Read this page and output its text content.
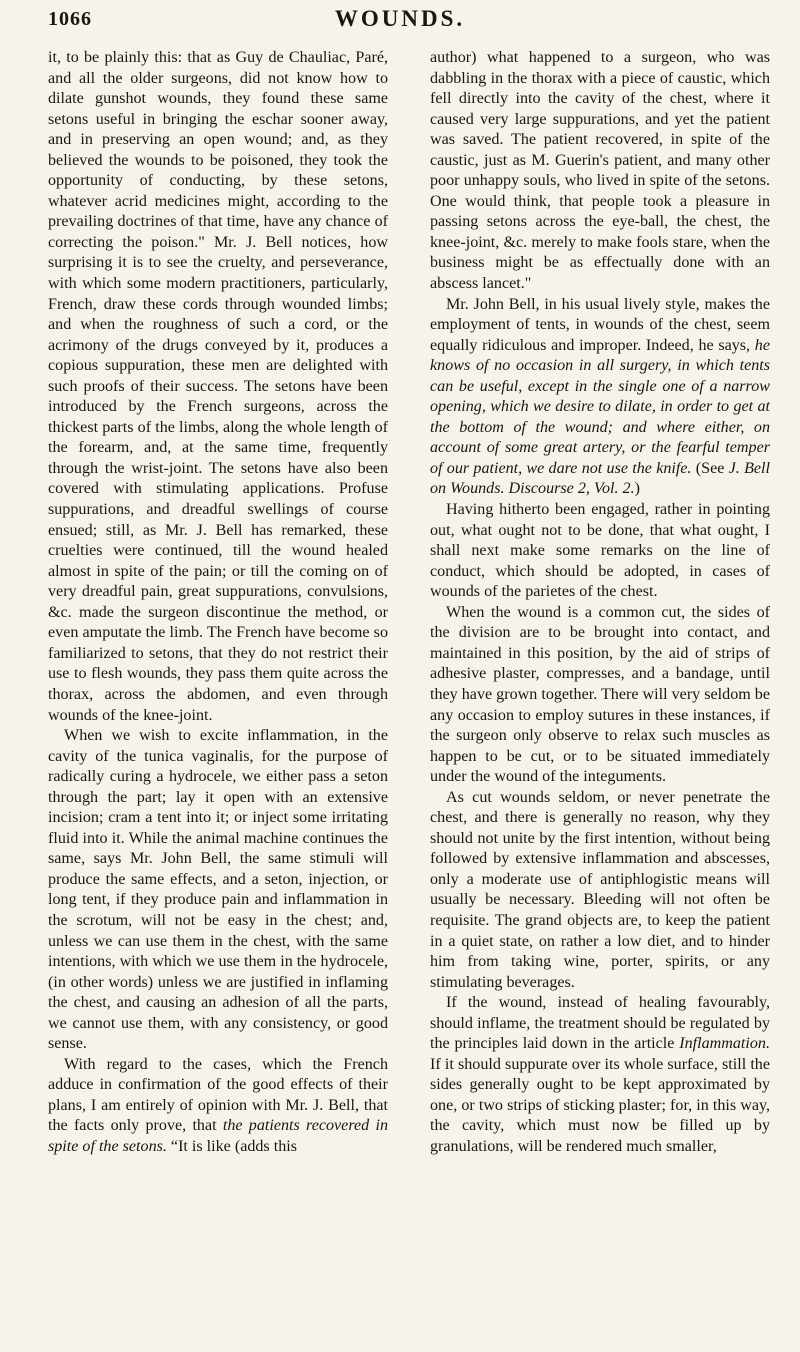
1066	WOUNDS.

it, to be plainly this: that as Guy de Chauliac, Paré, and all the older surgeons, did not know how to dilate gunshot wounds, they found these same setons useful in bringing the eschar sooner away, and in preserving an open wound; and, as they believed the wounds to be poisoned, they took the opportunity of conducting, by these setons, whatever acrid medicines might, according to the prevailing doctrines of that time, have any chance of correcting the poison." Mr. J. Bell notices, how surprising it is to see the cruelty, and perseverance, with which some modern practitioners, particularly, French, draw these cords through wounded limbs; and when the roughness of such a cord, or the acrimony of the drugs conveyed by it, produces a copious suppuration, these men are delighted with such proofs of their success. The setons have been introduced by the French surgeons, across the thickest parts of the limbs, along the whole length of the forearm, and, at the same time, frequently through the wrist-joint. The setons have also been covered with stimulating applications. Profuse suppurations, and dreadful swellings of course ensued; still, as Mr. J. Bell has remarked, these cruelties were continued, till the wound healed almost in spite of the pain; or till the coming on of very dreadful pain, great suppurations, convulsions, &c. made the surgeon discontinue the method, or even amputate the limb. The French have become so familiarized to setons, that they do not restrict their use to flesh wounds, they pass them quite across the thorax, across the abdomen, and even through wounds of the knee-joint.

When we wish to excite inflammation, in the cavity of the tunica vaginalis, for the purpose of radically curing a hydrocele, we either pass a seton through the part; lay it open with an extensive incision; cram a tent into it; or inject some irritating fluid into it. While the animal machine continues the same, says Mr. John Bell, the same stimuli will produce the same effects, and a seton, injection, or long tent, if they produce pain and inflammation in the scrotum, will not be easy in the chest; and, unless we can use them in the chest, with the same intentions, with which we use them in the hydrocele, (in other words) unless we are justified in inflaming the chest, and causing an adhesion of all the parts, we cannot use them, with any consistency, or good sense.

With regard to the cases, which the French adduce in confirmation of the good effects of their plans, I am entirely of opinion with Mr. J. Bell, that the facts only prove, that the patients recovered in spite of the setons. “It is like (adds this

author) what happened to a surgeon, who was dabbling in the thorax with a piece of caustic, which fell directly into the cavity of the chest, where it caused very large suppurations, and yet the patient was saved. The patient recovered, in spite of the caustic, just as M. Guerin's patient, and many other poor unhappy souls, who lived in spite of the setons. One would think, that people took a pleasure in passing setons across the eye-ball, the chest, the knee-joint, &c. merely to make fools stare, when the business might be as effectually done with an abscess lancet."

Mr. John Bell, in his usual lively style, makes the employment of tents, in wounds of the chest, seem equally ridiculous and improper. Indeed, he says, he knows of no occasion in all surgery, in which tents can be useful, except in the single one of a narrow opening, which we desire to dilate, in order to get at the bottom of the wound; and where either, on account of some great artery, or the fearful temper of our patient, we dare not use the knife. (See J. Bell on Wounds. Discourse 2, Vol. 2.)

Having hitherto been engaged, rather in pointing out, what ought not to be done, that what ought, I shall next make some remarks on the line of conduct, which should be adopted, in cases of wounds of the parietes of the chest.

When the wound is a common cut, the sides of the division are to be brought into contact, and maintained in this position, by the aid of strips of adhesive plaster, compresses, and a bandage, until they have grown together. There will very seldom be any occasion to employ sutures in these instances, if the surgeon only observe to relax such muscles as happen to be cut, or to be situated immediately under the wound of the integuments.

As cut wounds seldom, or never penetrate the chest, and there is generally no reason, why they should not unite by the first intention, without being followed by extensive inflammation and abscesses, only a moderate use of antiphlogistic means will usually be necessary. Bleeding will not often be requisite. The grand objects are, to keep the patient in a quiet state, on rather a low diet, and to hinder him from taking wine, porter, spirits, or any stimulating beverages.

If the wound, instead of healing favourably, should inflame, the treatment should be regulated by the principles laid down in the article Inflammation. If it should suppurate over its whole surface, still the sides generally ought to be kept approximated by one, or two strips of sticking plaster; for, in this way, the cavity, which must now be filled up by granulations, will be rendered much smaller,
